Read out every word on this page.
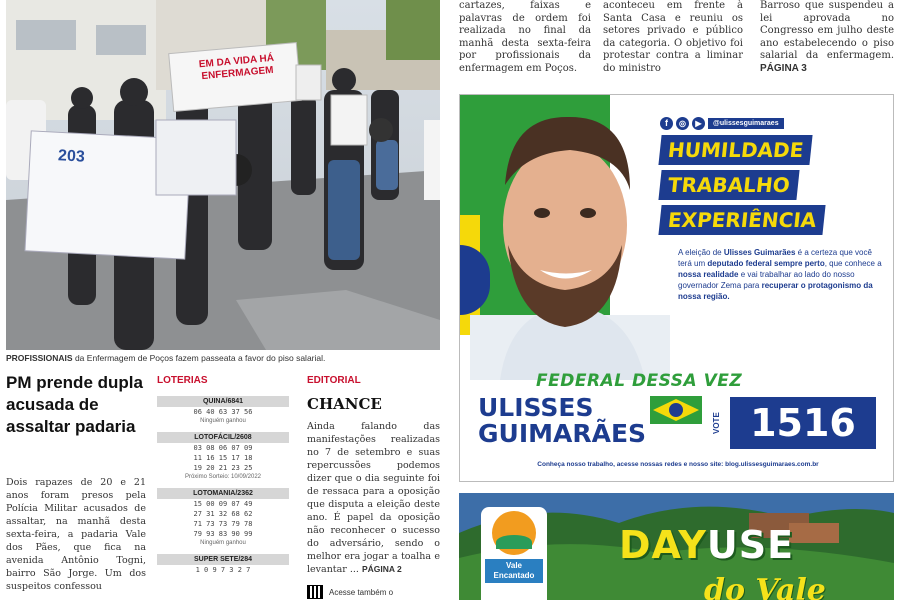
cartazes, faixas e palavras de ordem foi realizada no final da manhã desta sexta-feira por profissionais da enfermagem em Poços.
aconteceu em frente à Santa Casa e reuniu os setores privado e público da categoria. O objetivo foi protestar contra a liminar do ministro
Barroso que suspendeu a lei aprovada no Congresso em julho deste ano estabelecendo o piso salarial da enfermagem. PÁGINA 3
EM DA VIDA HÁ ENFERMAGEM
203
PROFISSIONAIS da Enfermagem de Poços fazem passeata a favor do piso salarial.
PM prende dupla acusada de assaltar padaria
Dois rapazes de 20 e 21 anos foram presos pela Polícia Militar acusados de assaltar, na manhã desta sexta-feira, a padaria Vale dos Pães, que fica na avenida Antônio Togni, bairro São Jorge. Um dos suspeitos confessou
LOTERIAS
QUINA/6841
06 40 63 37 56
Ninguém ganhou
LOTOFÁCIL/2608
03 08 06 07 09
11 16 15 17 18
19 20 21 23 25
Próximo Sorteio: 10/09/2022
LOTOMANIA/2362
15 00 09 07 49
27 31 32 68 62
71 73 73 79 78
79 93 83 90 99
Ninguém ganhou
SUPER SETE/284
1 0 9 7 3 2 7
EDITORIAL
CHANCE
Ainda falando das manifestações realizadas no 7 de setembro e suas repercussões podemos dizer que o dia seguinte foi de ressaca para a oposição que disputa a eleição deste ano. É papel da oposição não reconhecer o sucesso do adversário, sendo o melhor era jogar a toalha e levantar ... PÁGINA 2
Acesse também o
f	◎	▶	@ulissesguimaraes
HUMILDADE
TRABALHO
EXPERIÊNCIA
A eleição de Ulisses Guimarães é a certeza que você terá um deputado federal sempre perto, que conhece a nossa realidade e vai trabalhar ao lado do nosso governador Zema para recuperar o protagonismo da nossa região.
FEDERAL DESSA VEZ
ULISSES
GUIMARÃES	VOTE 1516
Conheça nosso trabalho, acesse nossas redes e nosso site: blog.ulissesguimaraes.com.br
Vale Encantado
DAYUSE
do Vale
